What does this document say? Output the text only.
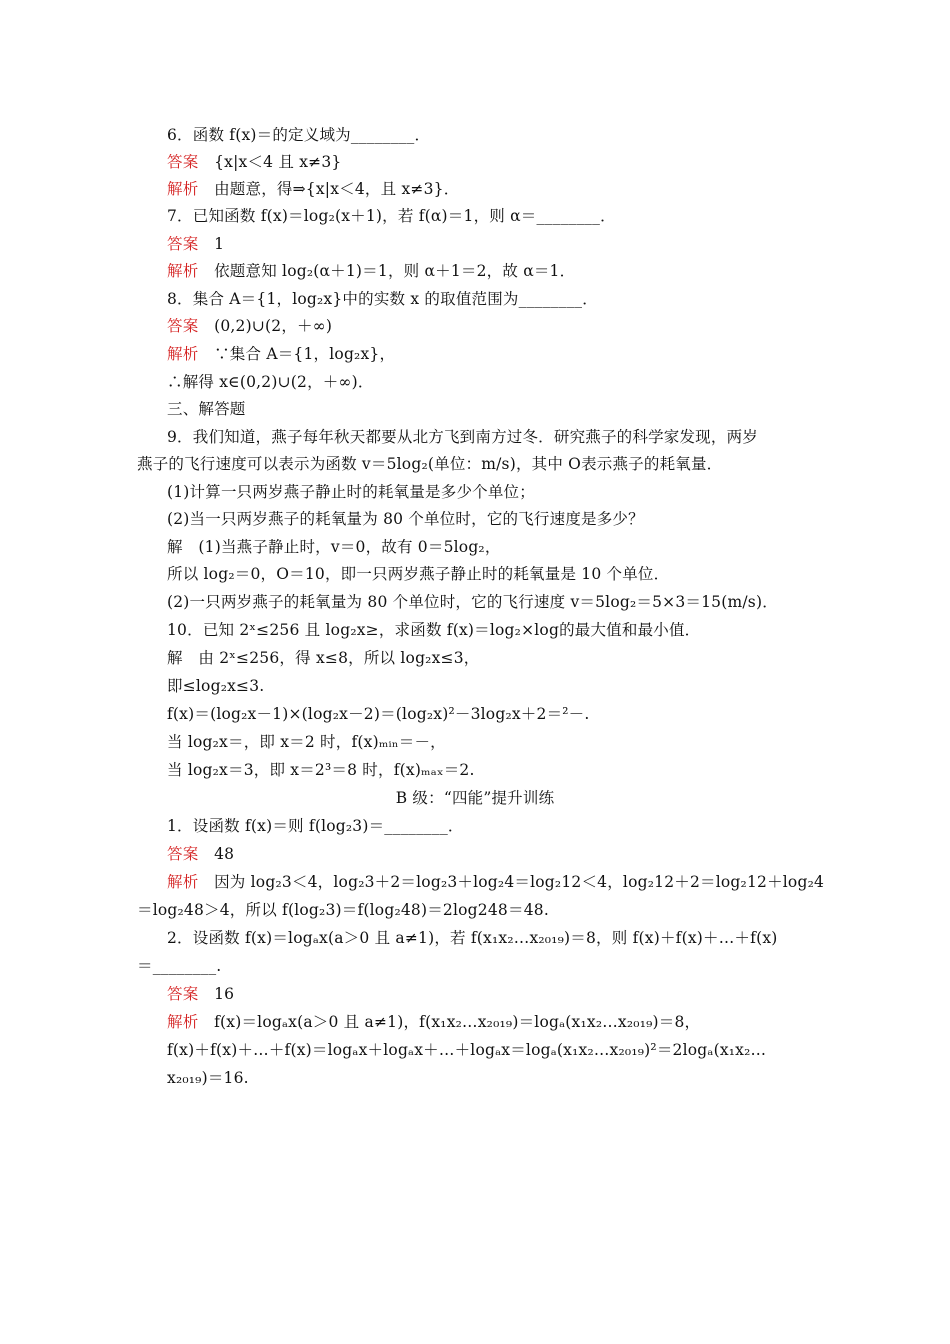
6．函数 f(x)＝的定义域为________．
答案　{x|x＜4 且 x≠3}
解析　由题意，得⇒{x|x＜4，且 x≠3}．
7．已知函数 f(x)＝log₂(x＋1)，若 f(α)＝1，则 α＝________．
答案　1
解析　依题意知 log₂(α＋1)＝1，则 α＋1＝2，故 α＝1．
8．集合 A＝{1，log₂x}中的实数 x 的取值范围为________．
答案　(0,2)∪(2，＋∞)
解析　∵集合 A＝{1，log₂x}，
∴解得 x∈(0,2)∪(2，＋∞)．
三、解答题
9．我们知道，燕子每年秋天都要从北方飞到南方过冬．研究燕子的科学家发现，两岁
燕子的飞行速度可以表示为函数 v＝5log₂(单位：m/s)，其中 O表示燕子的耗氧量．
(1)计算一只两岁燕子静止时的耗氧量是多少个单位；
(2)当一只两岁燕子的耗氧量为 80 个单位时，它的飞行速度是多少？
解　(1)当燕子静止时，v＝0，故有 0＝5log₂，
所以 log₂＝0，O＝10，即一只两岁燕子静止时的耗氧量是 10 个单位．
(2)一只两岁燕子的耗氧量为 80 个单位时，它的飞行速度 v＝5log₂＝5×3＝15(m/s)．
10．已知 2ˣ≤256 且 log₂x≥，求函数 f(x)＝log₂×log的最大值和最小值．
解　由 2ˣ≤256，得 x≤8，所以 log₂x≤3，
即≤log₂x≤3.
f(x)＝(log₂x－1)×(log₂x－2)＝(log₂x)²－3log₂x＋2＝²－.
当 log₂x＝，即 x＝2 时，f(x)ₘᵢₙ＝－，
当 log₂x＝3，即 x＝2³＝8 时，f(x)ₘₐₓ＝2.
B 级：“四能”提升训练
1．设函数 f(x)＝则 f(log₂3)＝________．
答案　48
解析　因为 log₂3＜4，log₂3＋2＝log₂3＋log₂4＝log₂12＜4，log₂12＋2＝log₂12＋log₂4
＝log₂48＞4，所以 f(log₂3)＝f(log₂48)＝2log248＝48.
2．设函数 f(x)＝logₐx(a＞0 且 a≠1)，若 f(x₁x₂…x₂₀₁₉)＝8，则 f(x)＋f(x)＋…＋f(x)
＝________.
答案　16
解析　f(x)＝logₐx(a＞0 且 a≠1)，f(x₁x₂…x₂₀₁₉)＝logₐ(x₁x₂…x₂₀₁₉)＝8，
f(x)＋f(x)＋…＋f(x)＝logₐx＋logₐx＋…＋logₐx＝logₐ(x₁x₂…x₂₀₁₉)²＝2logₐ(x₁x₂…
x₂₀₁₉)＝16.
